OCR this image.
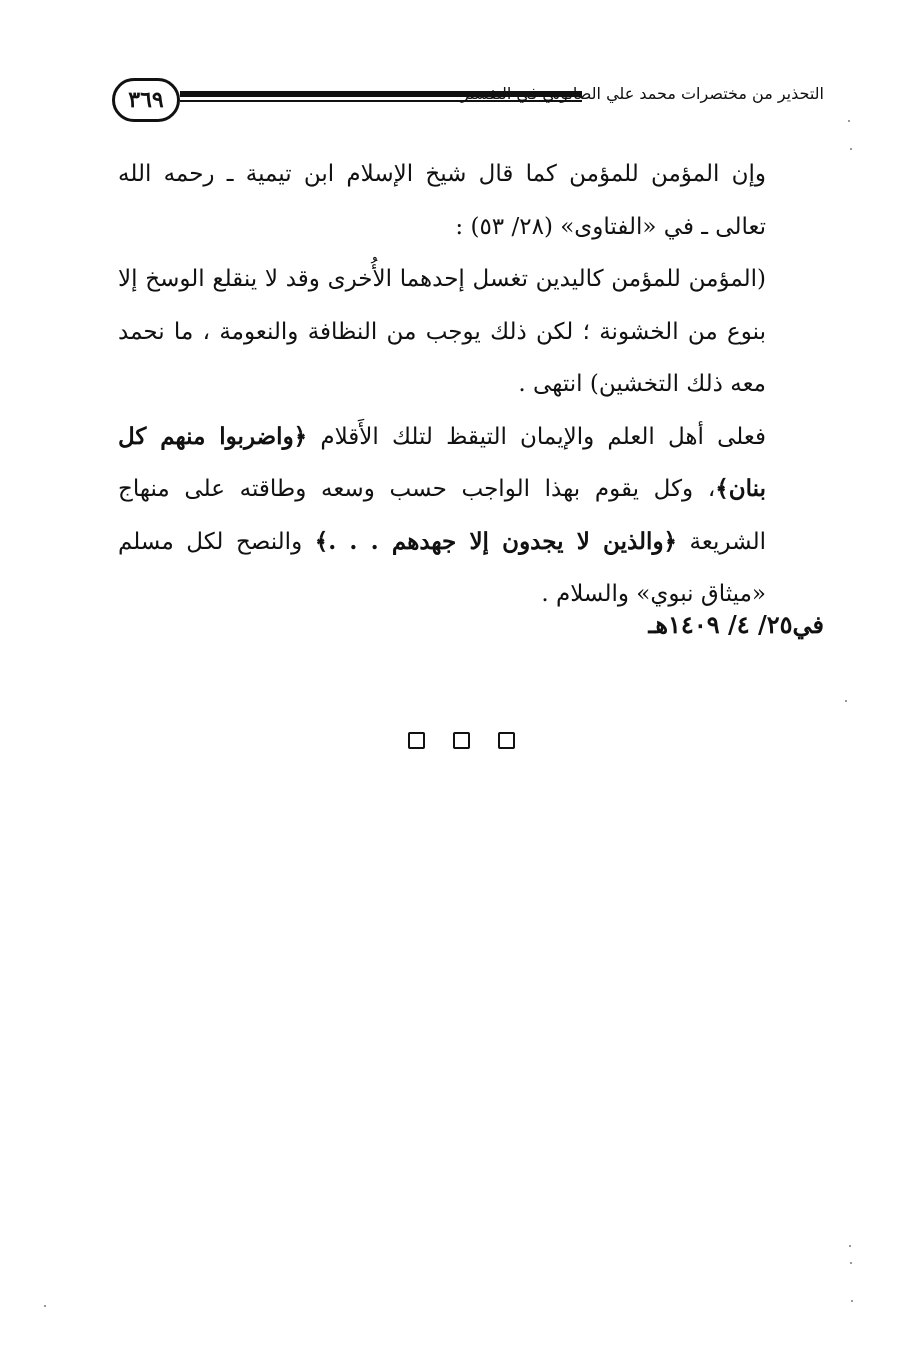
٣٦٩	التحذير من مختصرات محمد علي الصابوني في التفسير

وإن المؤمن للمؤمن كما قال شيخ الإسلام ابن تيمية ـ رحمه الله تعالى ـ في «الفتاوى» (٢٨/ ٥٣) :

(المؤمن للمؤمن كاليدين تغسل إحدهما الأُخرى وقد لا ينقلع الوسخ إلا بنوع من الخشونة ؛ لكن ذلك يوجب من النظافة والنعومة ، ما نحمد معه ذلك التخشين) انتهى .

فعلى أهل العلم والإيمان التيقظ لتلك الأَقلام ﴿واضربوا منهم كل بنان﴾، وكل يقوم بهذا الواجب حسب وسعه وطاقته على منهاج الشريعة ﴿والذين لا يجدون إلا جهدهم . . .﴾ والنصح لكل مسلم «ميثاق نبوي» والسلام .

في٢٥/ ٤/ ١٤٠٩هـ
